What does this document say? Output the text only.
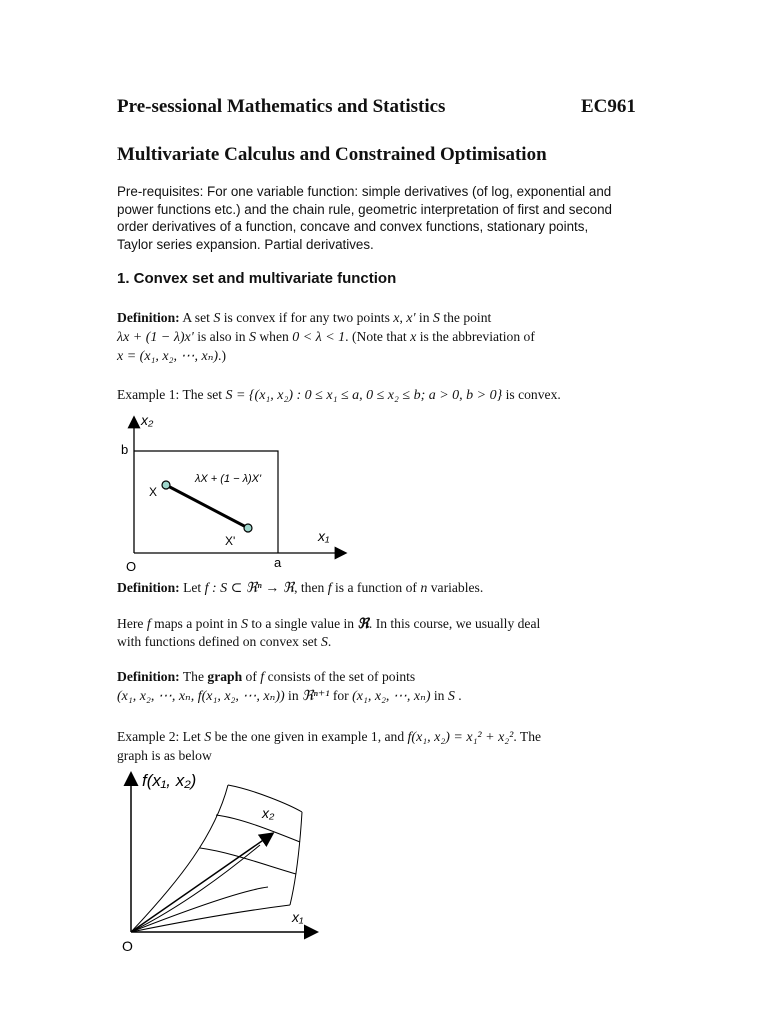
Pre-sessional Mathematics and Statistics	EC961
Multivariate Calculus and Constrained Optimisation
Pre-requisites: For one variable function: simple derivatives (of log, exponential and
power functions etc.) and the chain rule, geometric interpretation of first and second
order derivatives of a function, concave and convex functions, stationary points,
Taylor series expansion. Partial derivatives.
1. Convex set and multivariate function
Definition: A set S is convex if for any two points x, x' in S the point
λx + (1 − λ)x' is also in S when 0 < λ < 1. (Note that x is the abbreviation of
x = (x₁, x₂, ⋯, xₙ).)
Example 1: The set S = {(x₁, x₂) : 0 ≤ x₁ ≤ a, 0 ≤ x₂ ≤ b; a > 0, b > 0} is convex.
x₂
x₁
b
a
O
X
X'
λX + (1 − λ)X'
f(x₁, x₂)
x₂
x₁
O
Definition: Let f : S ⊂ ℜⁿ → ℜ, then f is a function of n variables.
Here f maps a point in S to a single value in ℜ. In this course, we usually deal
with functions defined on convex set S.
Definition: The graph of f consists of the set of points
(x₁, x₂, ⋯, xₙ, f(x₁, x₂, ⋯, xₙ)) in ℜⁿ⁺¹ for (x₁, x₂, ⋯, xₙ) in S .
Example 2: Let S be the one given in example 1, and f(x₁, x₂) = x₁² + x₂². The
graph is as below
